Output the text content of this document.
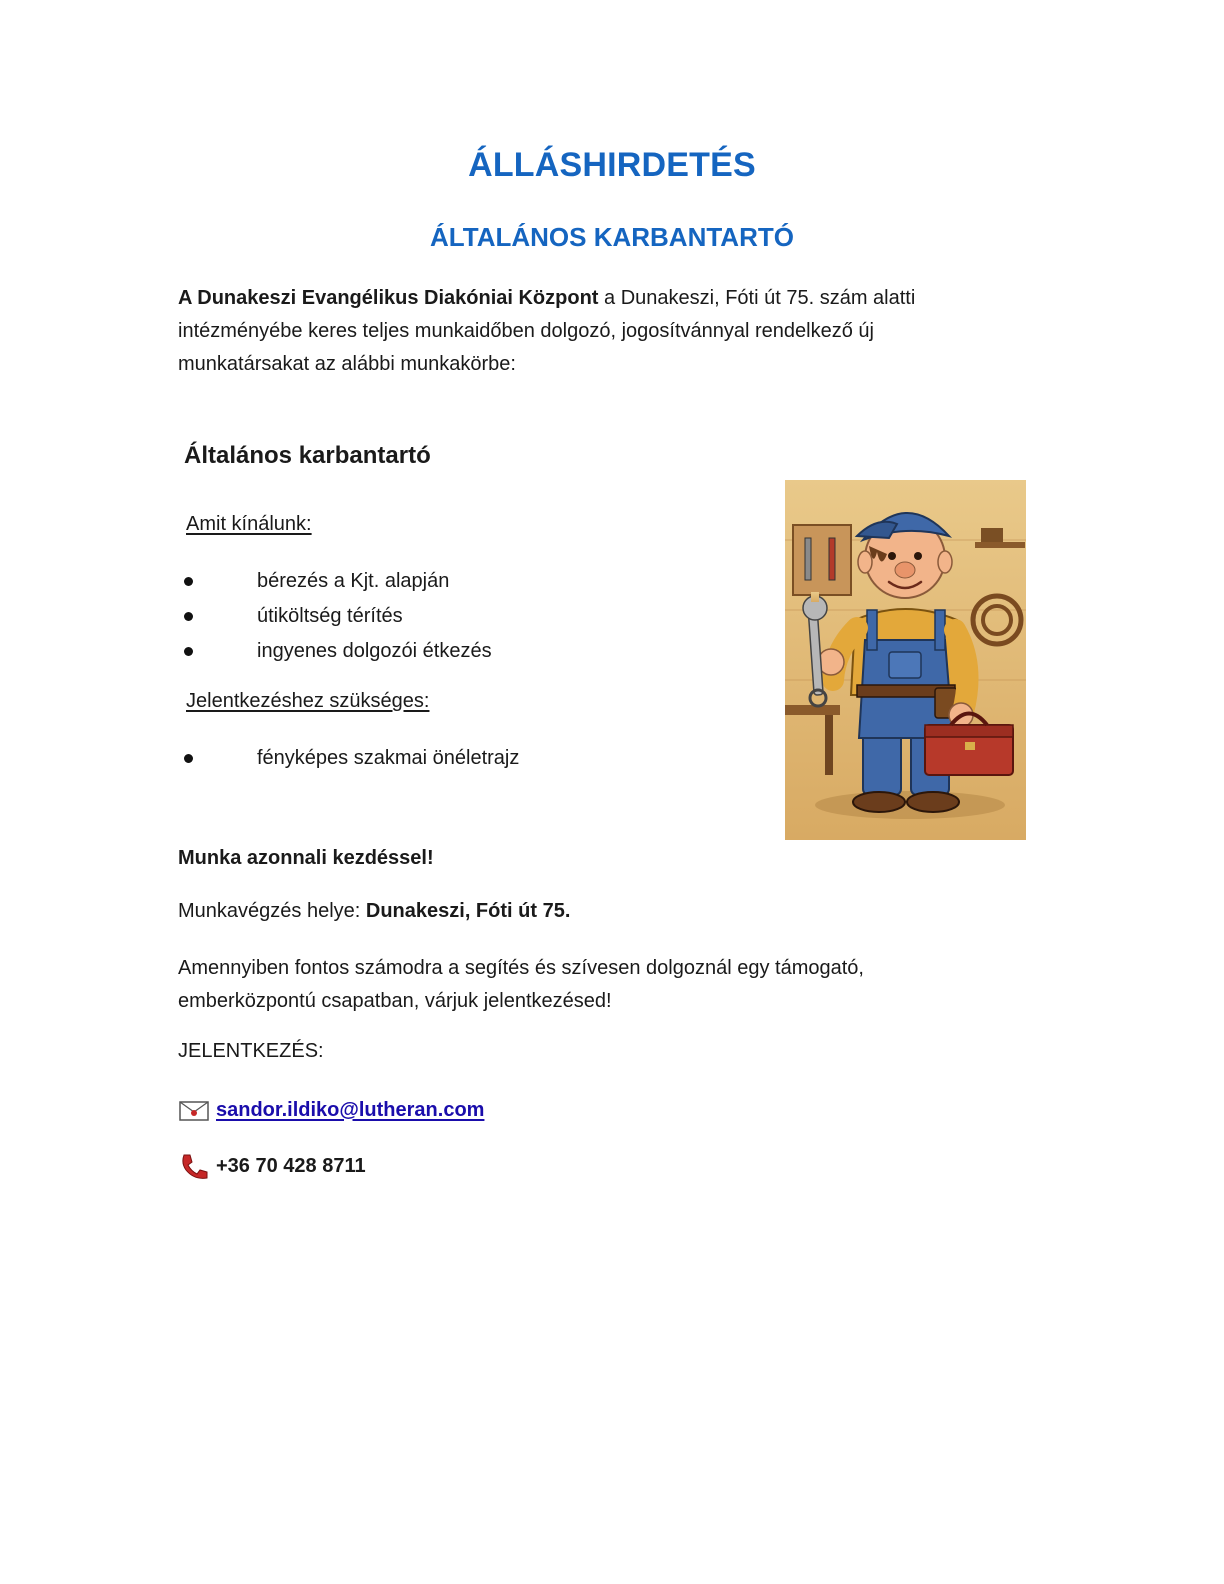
ÁLLÁSHIRDETÉS
ÁLTALÁNOS KARBANTARTÓ
A Dunakeszi Evangélikus Diakóniai Központ a Dunakeszi, Fóti út 75. szám alatti intézményébe keres teljes munkaidőben dolgozó, jogosítvánnyal rendelkező új munkatársakat az alábbi munkakörbe:
Általános karbantartó
Amit kínálunk:
bérezés a Kjt. alapján
útiköltség térítés
ingyenes dolgozói étkezés
Jelentkezéshez szükséges:
fényképes szakmai önéletrajz
Munka azonnali kezdéssel!
Munkavégzés helye: Dunakeszi, Fóti út 75.
Amennyiben fontos számodra a segítés és szívesen dolgoznál egy támogató, emberközpontú csapatban, várjuk jelentkezésed!
JELENTKEZÉS:
sandor.ildiko@lutheran.com
+36 70 428 8711
